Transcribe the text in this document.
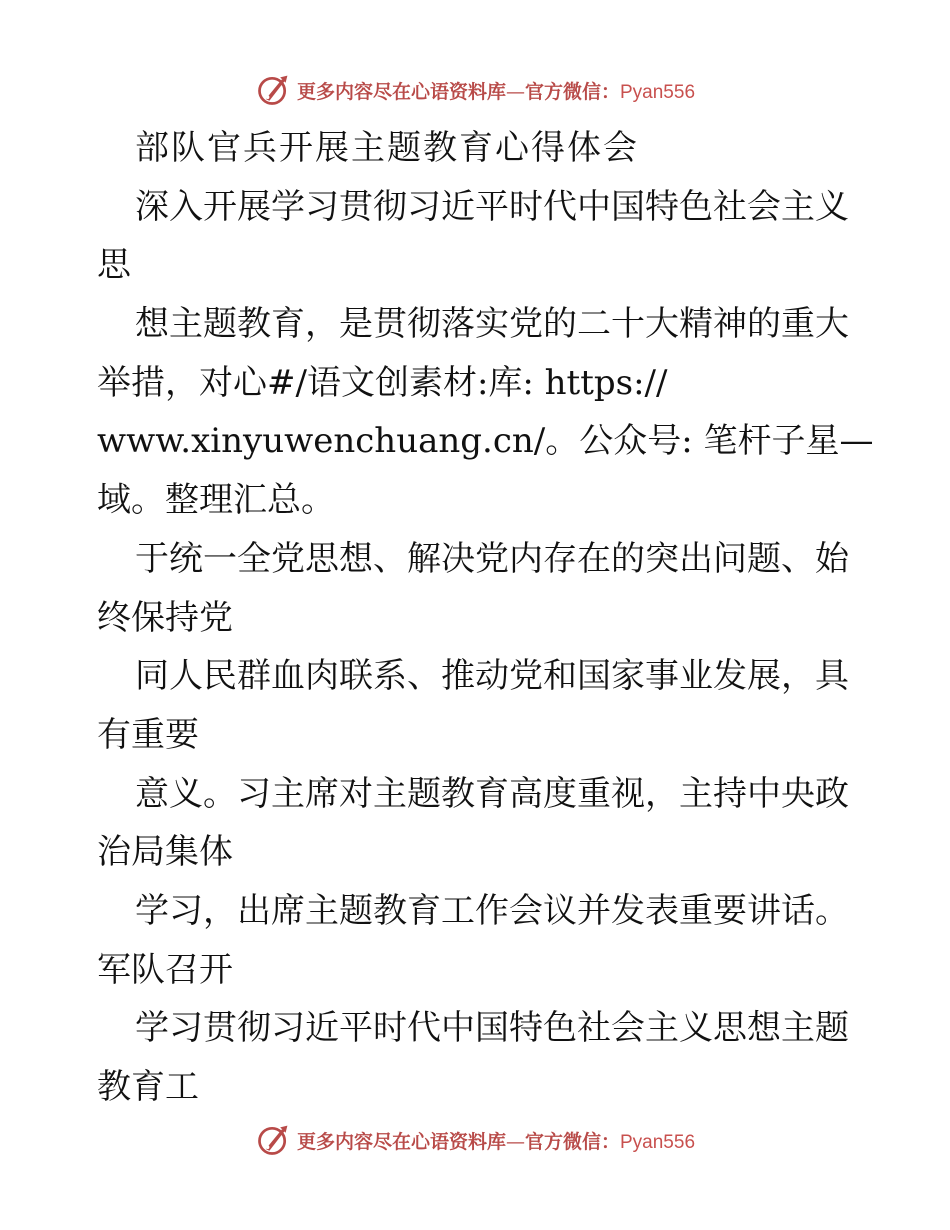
更多内容尽在心语资料库—官方微信：Pyan556
部队官兵开展主题教育心得体会
深入开展学习贯彻习近平时代中国特色社会主义
思
想主题教育，是贯彻落实党的二十大精神的重大
举措，对心#/语文创素材:库: https://
www.xinyuwenchuang.cn/。公众号: 笔杆子星—
域。整理汇总。
于统一全党思想、解决党内存在的突出问题、始
终保持党
同人民群血肉联系、推动党和国家事业发展，具
有重要
意义。习主席对主题教育高度重视，主持中央政
治局集体
学习，出席主题教育工作会议并发表重要讲话。
军队召开
学习贯彻习近平时代中国特色社会主义思想主题
教育工
更多内容尽在心语资料库—官方微信：Pyan556
